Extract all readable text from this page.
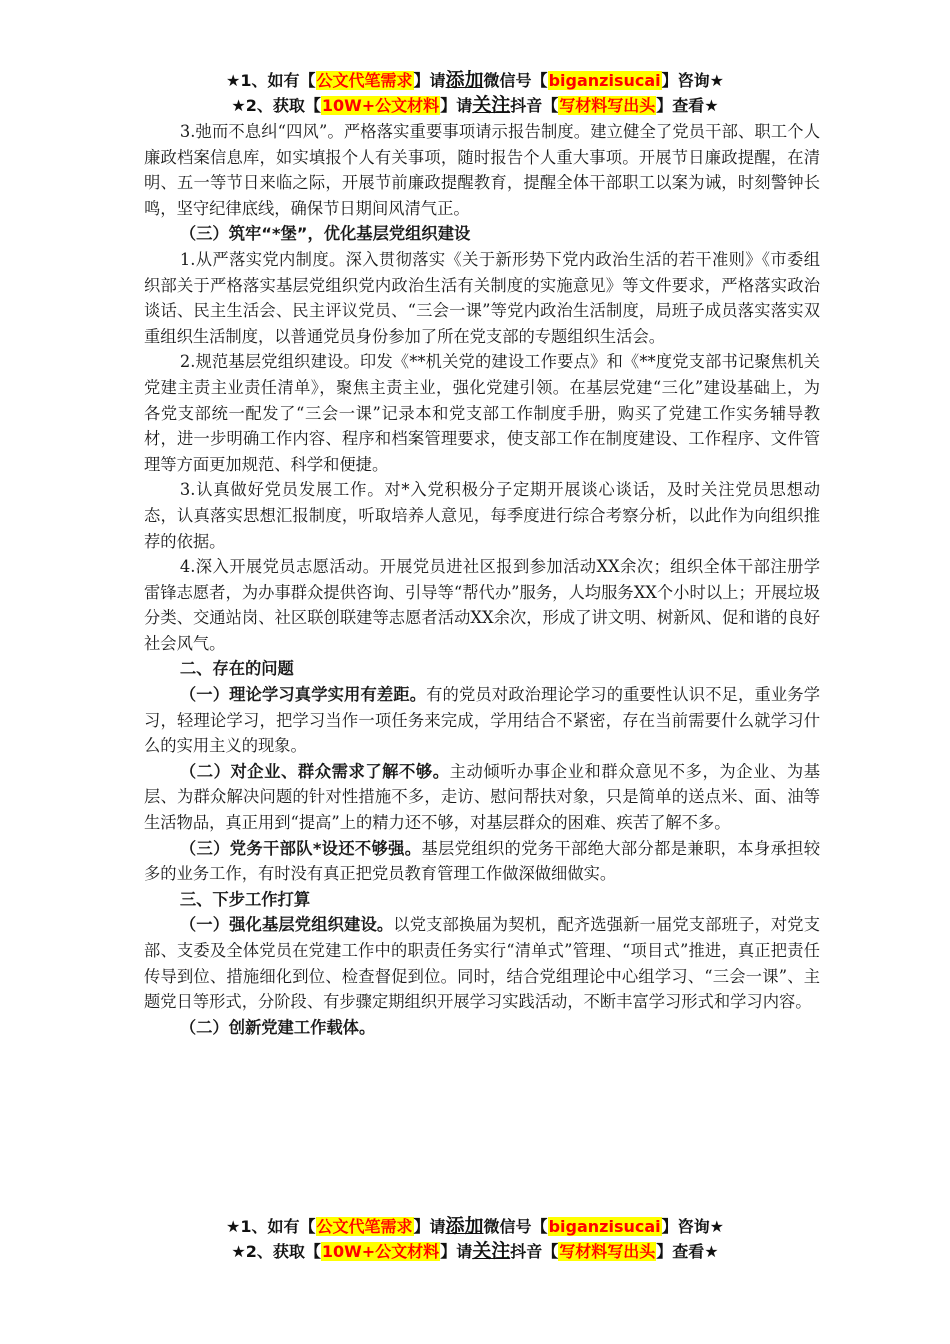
★1、如有【公文代笔需求】请添加微信号【biganzisucai】咨询★
★2、获取【10W+公文材料】请关注抖音【写材料写出头】查看★

3.弛而不息纠“四风”。严格落实重要事项请示报告制度。建立健全了党员干部、职工个人廉政档案信息库，如实填报个人有关事项，随时报告个人重大事项。开展节日廉政提醒，在清明、五一等节日来临之际，开展节前廉政提醒教育，提醒全体干部职工以案为诫，时刻警钟长鸣，坚守纪律底线，确保节日期间风清气正。

（三）筑牢“*堡”，优化基层党组织建设

1.从严落实党内制度。深入贯彻落实《关于新形势下党内政治生活的若干准则》《市委组织部关于严格落实基层党组织党内政治生活有关制度的实施意见》等文件要求，严格落实政治谈话、民主生活会、民主评议党员、“三会一课”等党内政治生活制度，局班子成员落实落实双重组织生活制度，以普通党员身份参加了所在党支部的专题组织生活会。

2.规范基层党组织建设。印发《**机关党的建设工作要点》和《**度党支部书记聚焦机关党建主责主业责任清单》，聚焦主责主业，强化党建引领。在基层党建“三化”建设基础上，为各党支部统一配发了“三会一课”记录本和党支部工作制度手册，购买了党建工作实务辅导教材，进一步明确工作内容、程序和档案管理要求，使支部工作在制度建设、工作程序、文件管理等方面更加规范、科学和便捷。

3.认真做好党员发展工作。对*入党积极分子定期开展谈心谈话，及时关注党员思想动态，认真落实思想汇报制度，听取培养人意见，每季度进行综合考察分析，以此作为向组织推荐的依据。

4.深入开展党员志愿活动。开展党员进社区报到参加活动XX余次；组织全体干部注册学雷锋志愿者，为办事群众提供咨询、引导等“帮代办”服务，人均服务XX个小时以上；开展垃圾分类、交通站岗、社区联创联建等志愿者活动XX余次，形成了讲文明、树新风、促和谐的良好社会风气。

二、存在的问题

（一）理论学习真学实用有差距。有的党员对政治理论学习的重要性认识不足，重业务学习，轻理论学习，把学习当作一项任务来完成，学用结合不紧密，存在当前需要什么就学习什么的实用主义的现象。

（二）对企业、群众需求了解不够。主动倾听办事企业和群众意见不多，为企业、为基层、为群众解决问题的针对性措施不多，走访、慰问帮扶对象，只是简单的送点米、面、油等生活物品，真正用到“提高”上的精力还不够，对基层群众的困难、疾苦了解不多。

（三）党务干部队*设还不够强。基层党组织的党务干部绝大部分都是兼职，本身承担较多的业务工作，有时没有真正把党员教育管理工作做深做细做实。

三、下步工作打算

（一）强化基层党组织建设。以党支部换届为契机，配齐选强新一届党支部班子，对党支部、支委及全体党员在党建工作中的职责任务实行“清单式”管理、“项目式”推进，真正把责任传导到位、措施细化到位、检查督促到位。同时，结合党组理论中心组学习、“三会一课”、主题党日等形式，分阶段、有步骤定期组织开展学习实践活动，不断丰富学习形式和学习内容。

（二）创新党建工作载体。

★1、如有【公文代笔需求】请添加微信号【biganzisucai】咨询★
★2、获取【10W+公文材料】请关注抖音【写材料写出头】查看★
